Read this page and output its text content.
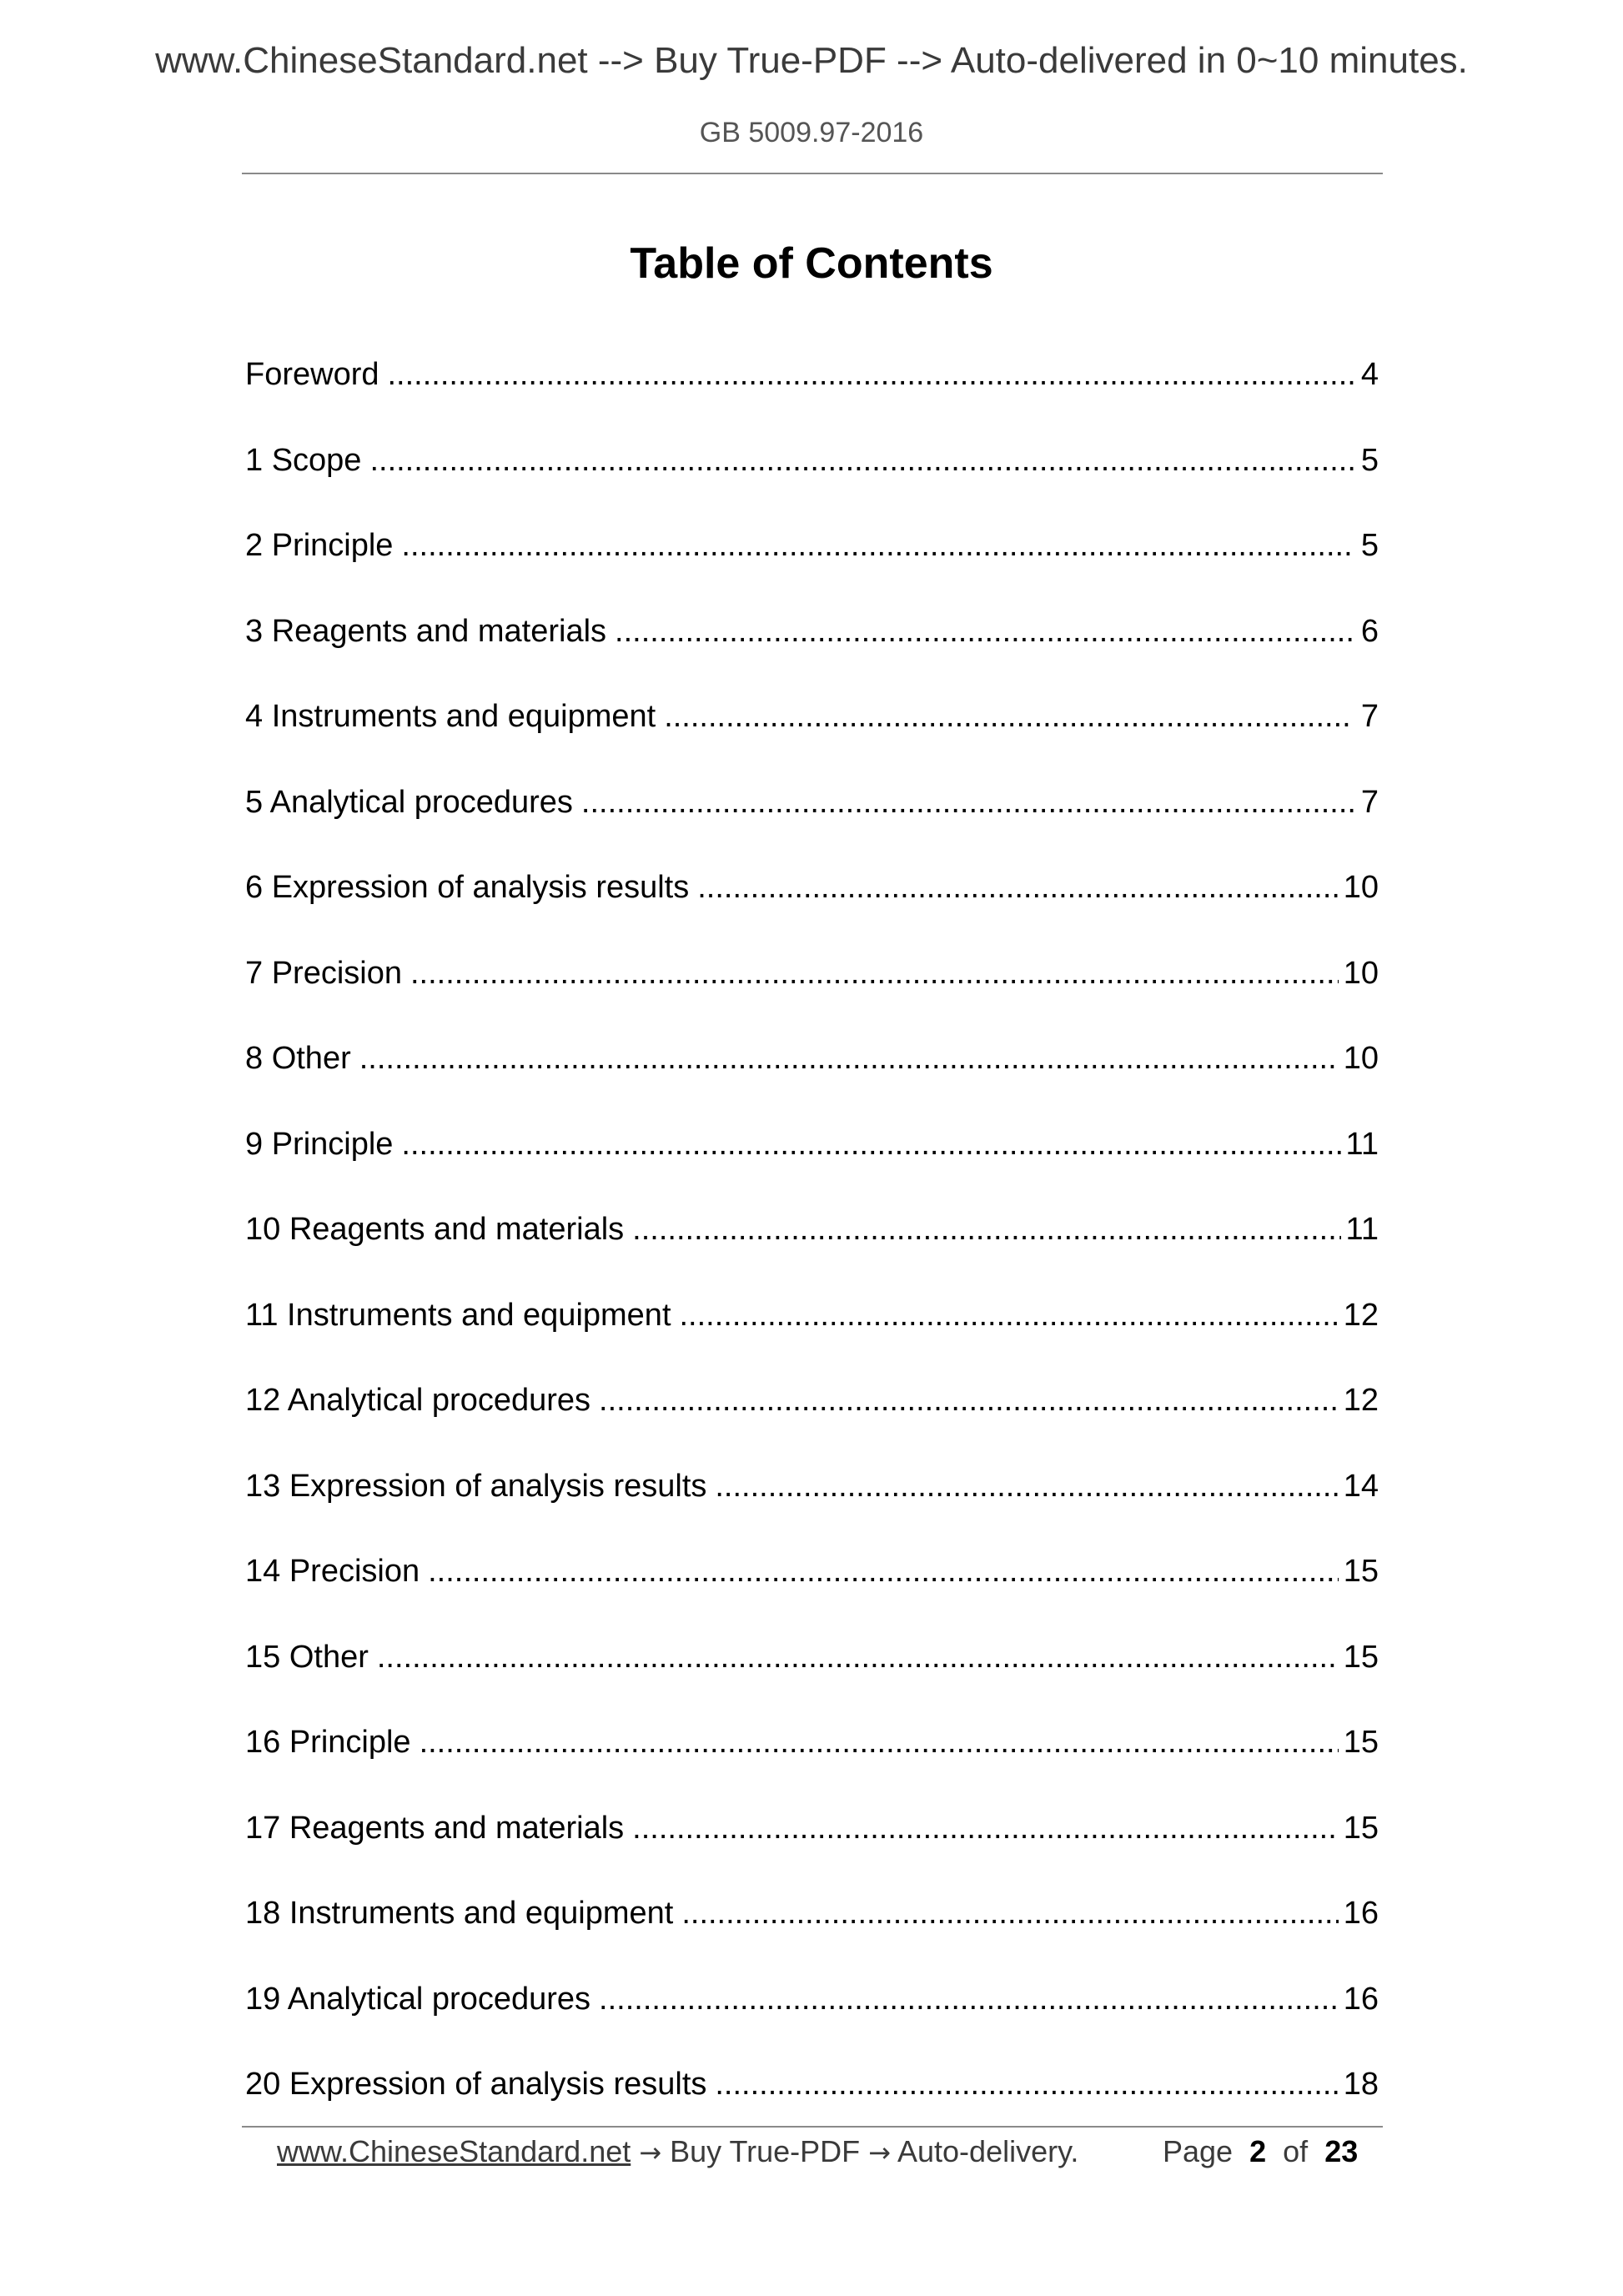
www.ChineseStandard.net --> Buy True-PDF --> Auto-delivered in 0~10 minutes.
GB 5009.97-2016
Table of Contents
Foreword .....	4
1 Scope .....	5
2 Principle .....	5
3 Reagents and materials .....	6
4 Instruments and equipment .....	7
5 Analytical procedures .....	7
6 Expression of analysis results .....	10
7 Precision .....	10
8 Other .....	10
9 Principle .....	11
10 Reagents and materials .....	11
11 Instruments and equipment .....	12
12 Analytical procedures .....	12
13 Expression of analysis results .....	14
14 Precision .....	15
15 Other .....	15
16 Principle .....	15
17 Reagents and materials .....	15
18 Instruments and equipment .....	16
19 Analytical procedures .....	16
20 Expression of analysis results .....	18
www.ChineseStandard.net → Buy True-PDF → Auto-delivery.	Page 2 of 23
